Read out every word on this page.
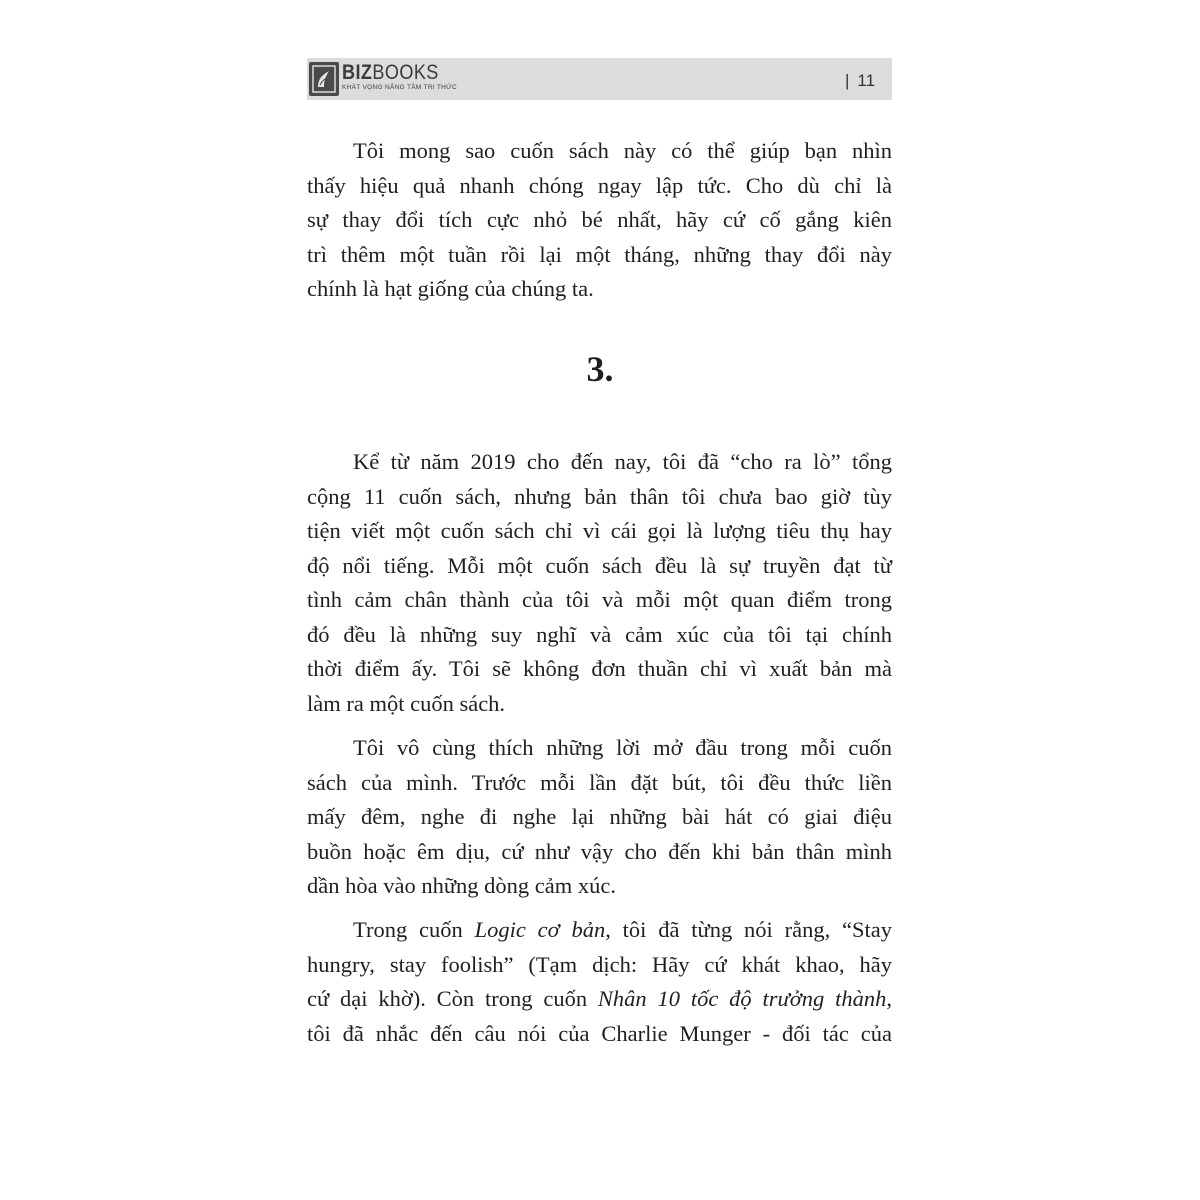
BIZBOOKS
KHÁT VỌNG NÂNG TẦM TRI THỨC	| 11
Tôi mong sao cuốn sách này có thể giúp bạn nhìn
thấy hiệu quả nhanh chóng ngay lập tức. Cho dù chỉ là
sự thay đổi tích cực nhỏ bé nhất, hãy cứ cố gắng kiên
trì thêm một tuần rồi lại một tháng, những thay đổi này
chính là hạt giống của chúng ta.
3.
Kể từ năm 2019 cho đến nay, tôi đã “cho ra lò” tổng
cộng 11 cuốn sách, nhưng bản thân tôi chưa bao giờ tùy
tiện viết một cuốn sách chỉ vì cái gọi là lượng tiêu thụ hay
độ nổi tiếng. Mỗi một cuốn sách đều là sự truyền đạt từ
tình cảm chân thành của tôi và mỗi một quan điểm trong
đó đều là những suy nghĩ và cảm xúc của tôi tại chính
thời điểm ấy. Tôi sẽ không đơn thuần chỉ vì xuất bản mà
làm ra một cuốn sách.
Tôi vô cùng thích những lời mở đầu trong mỗi cuốn
sách của mình. Trước mỗi lần đặt bút, tôi đều thức liền
mấy đêm, nghe đi nghe lại những bài hát có giai điệu
buồn hoặc êm dịu, cứ như vậy cho đến khi bản thân mình
dần hòa vào những dòng cảm xúc.
Trong cuốn Logic cơ bản, tôi đã từng nói rằng, “Stay
hungry, stay foolish” (Tạm dịch: Hãy cứ khát khao, hãy
cứ dại khờ). Còn trong cuốn Nhân 10 tốc độ trưởng thành,
tôi đã nhắc đến câu nói của Charlie Munger - đối tác của
